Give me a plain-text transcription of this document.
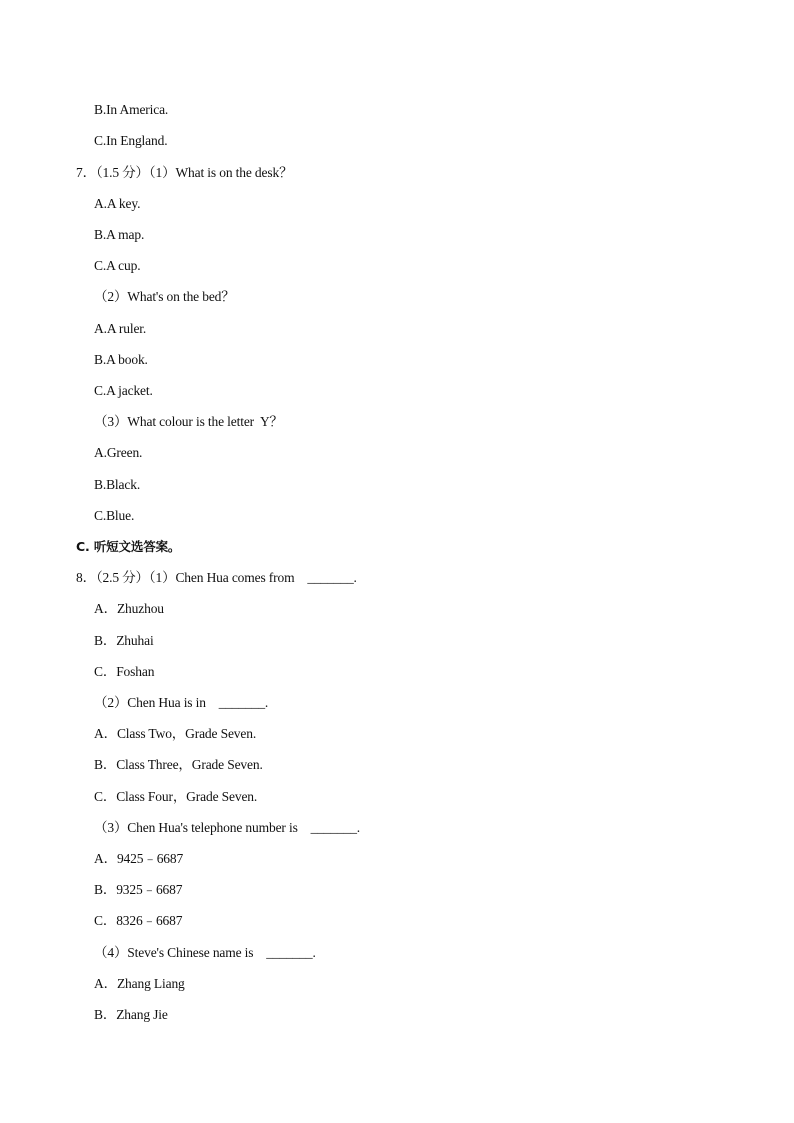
B.In America.
C.In England.
7．（1.5 分）（1）What is on the desk？
A.A key.
B.A map.
C.A cup.
（2）What's on the bed？
A.A ruler.
B.A book.
C.A jacket.
（3）What colour is the letter  Y？
A.Green.
B.Black.
C.Blue.
C. 听短文选答案。
8．（2.5 分）（1）Chen Hua comes from    _______.
A．Zhuzhou
B．Zhuhai
C．Foshan
（2）Chen Hua is in    _______.
A．Class Two，Grade Seven.
B．Class Three，Grade Seven.
C．Class Four，Grade Seven.
（3）Chen Hua's telephone number is    _______.
A．9425﹣6687
B．9325﹣6687
C．8326﹣6687
（4）Steve's Chinese name is    _______.
A．Zhang Liang
B．Zhang Jie
